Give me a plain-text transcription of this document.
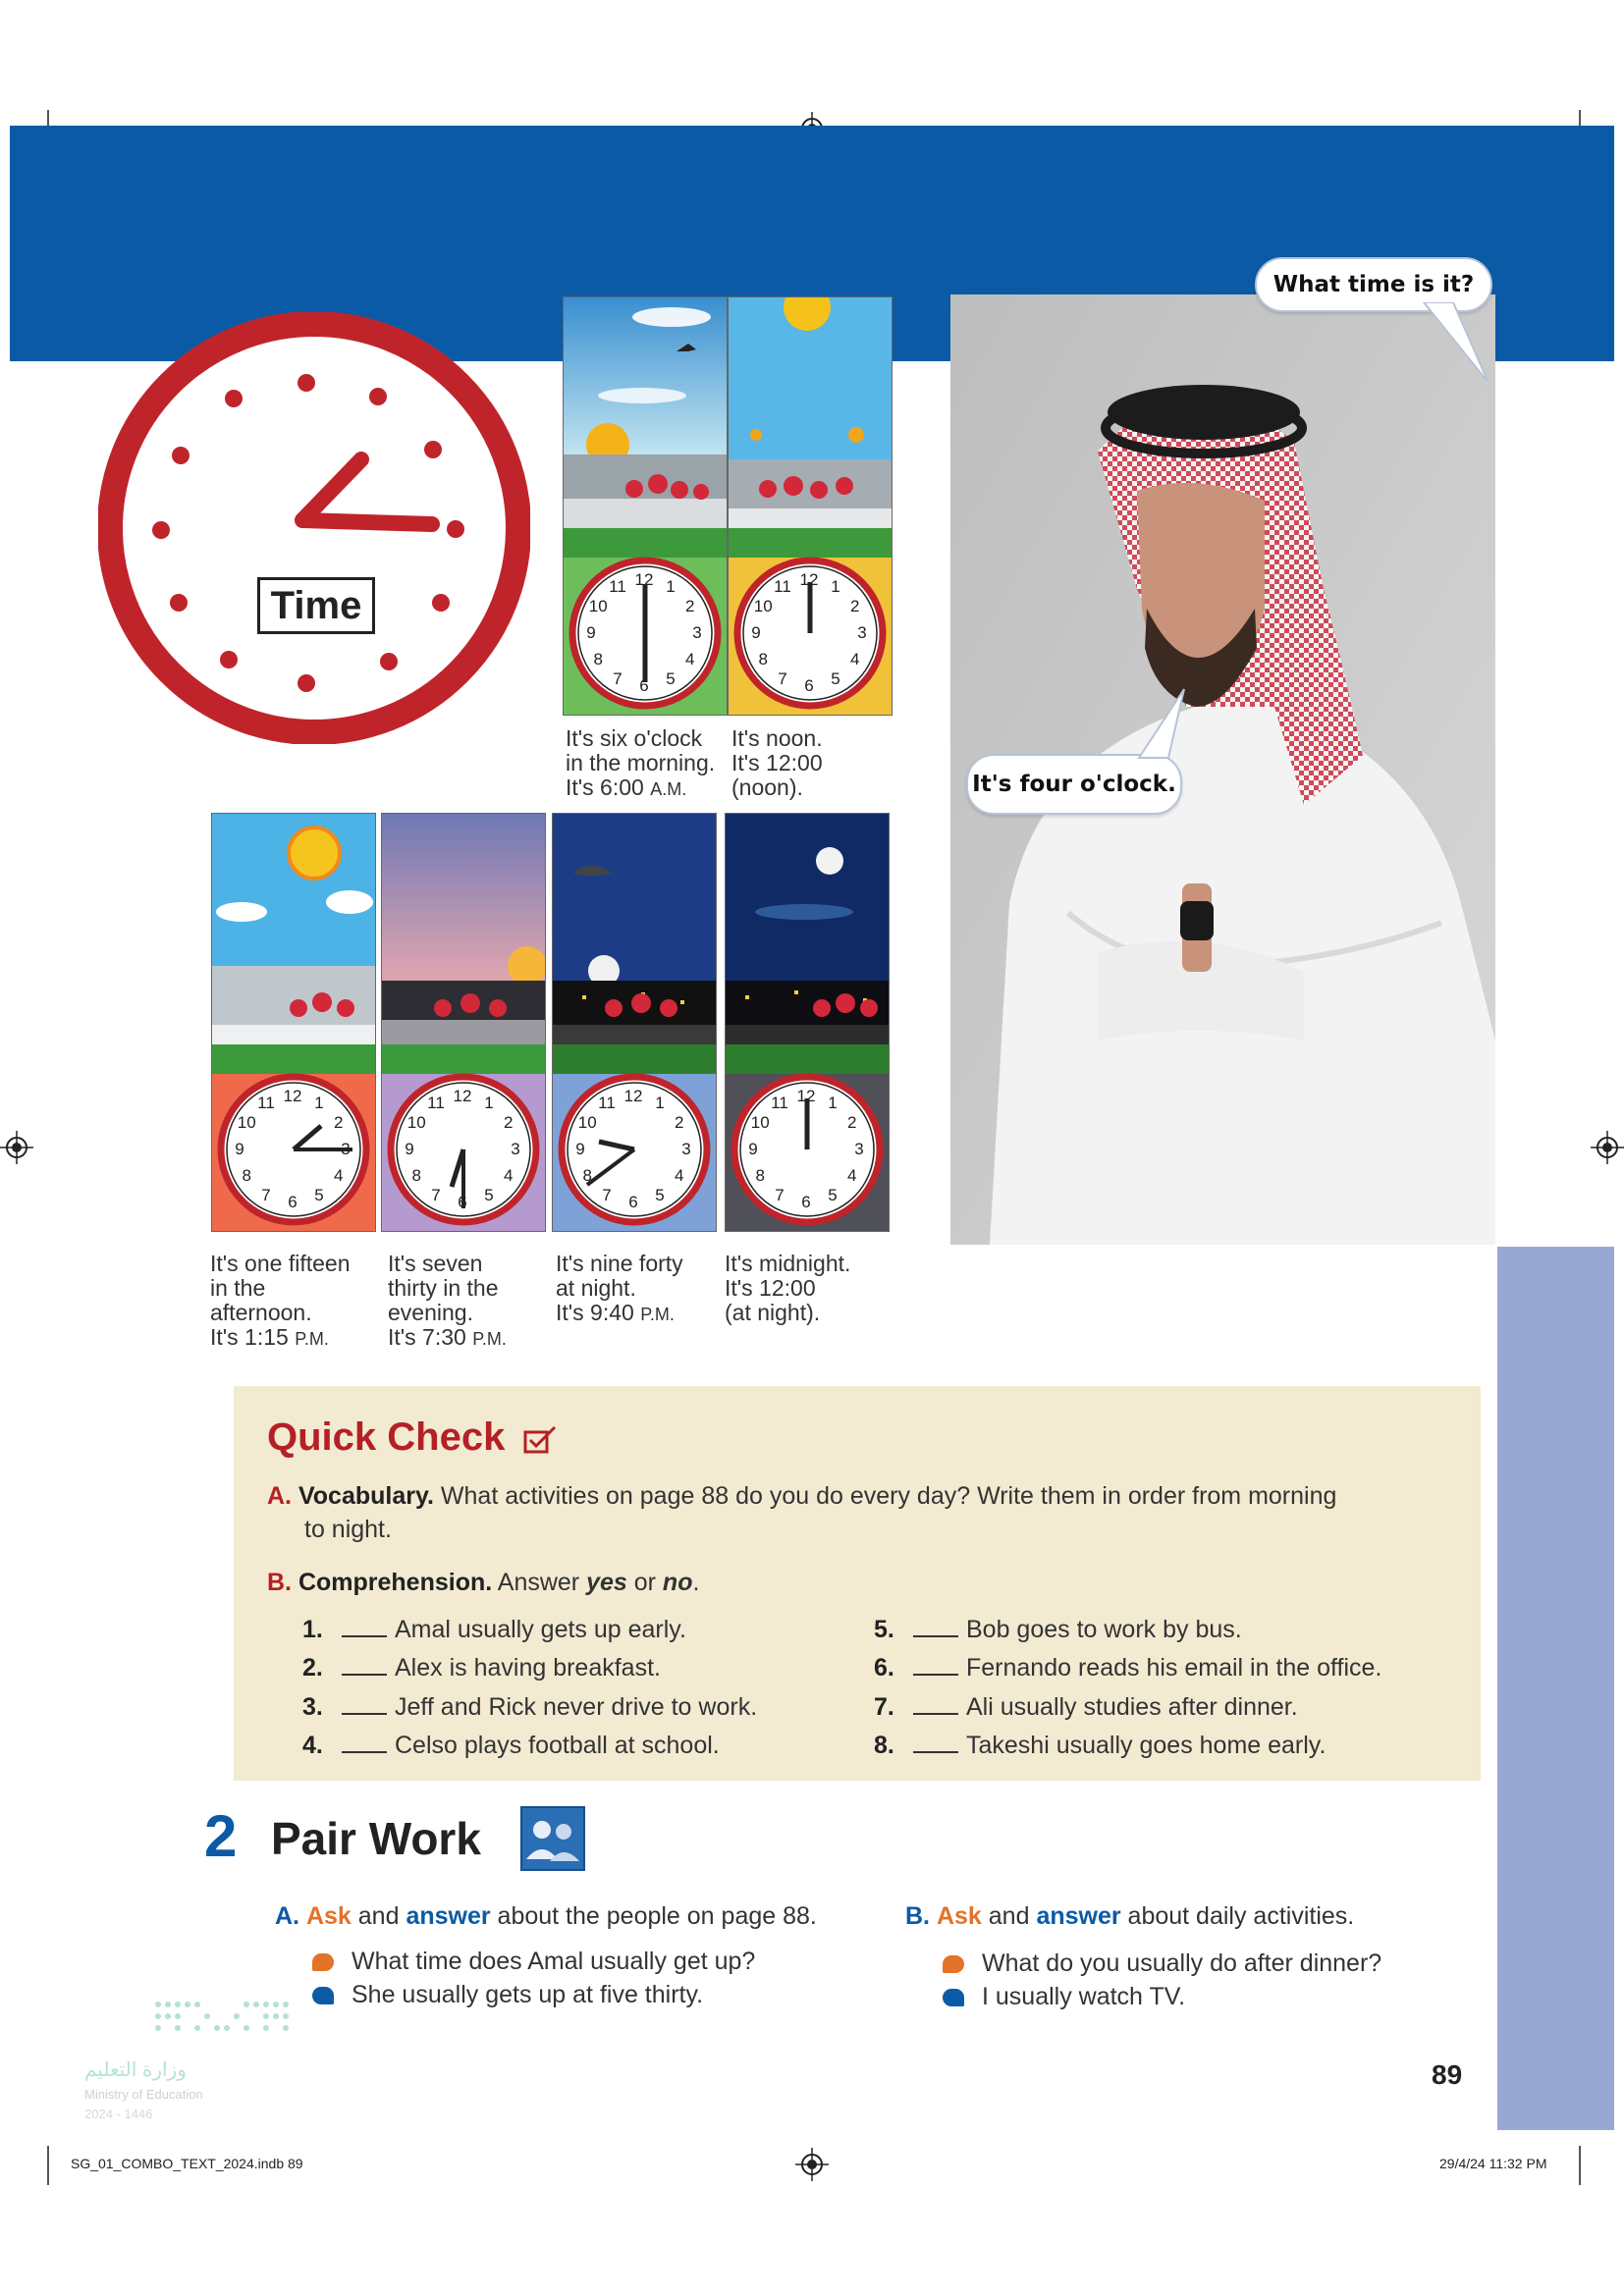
Time
12 1
2
3
4
5
6
7
8
9
10
11	12 1
2
3
4
5
6
7
8
9
10
11
12 1
2
3
4
5
6
7
8
9
10
11	12 1
2
3
4
5
6
7
8
9
10
11	12 1
2
3
4
5
6
7
8
9
10
11	12 1
2
3
4
5
6
7
8
9
10
11
It's six o'clock
in the morning.
It's 6:00 A.M.
It's noon.
It's 12:00
(noon).
It's one fifteen
in the
afternoon.
It's 1:15 P.M.
It's seven
thirty in the
evening.
It's 7:30 P.M.
It's nine forty
at night.
It's 9:40 P.M.
It's midnight.
It's 12:00
(at night).
What time is it?
It's four o'clock.
Quick Check
A. Vocabulary. What activities on page 88 do you do every day? Write them in order from morning
to night.
B. Comprehension. Answer yes or no.
1.	Amal usually gets up early.
2.	Alex is having breakfast.
3.	Jeff and Rick never drive to work.
4.	Celso plays football at school.
5.	Bob goes to work by bus.
6.	Fernando reads his email in the office.
7.	Ali usually studies after dinner.
8.	Takeshi usually goes home early.
2 Pair Work
A. Ask and answer about the people on page 88.
What time does Amal usually get up?
She usually gets up at five thirty.
B. Ask and answer about daily activities.
What do you usually do after dinner?
I usually watch TV.
وزارة التعليم
Ministry of Education
2024 - 1446
89
SG_01_COMBO_TEXT_2024.indb 89	29/4/24 11:32 PM
